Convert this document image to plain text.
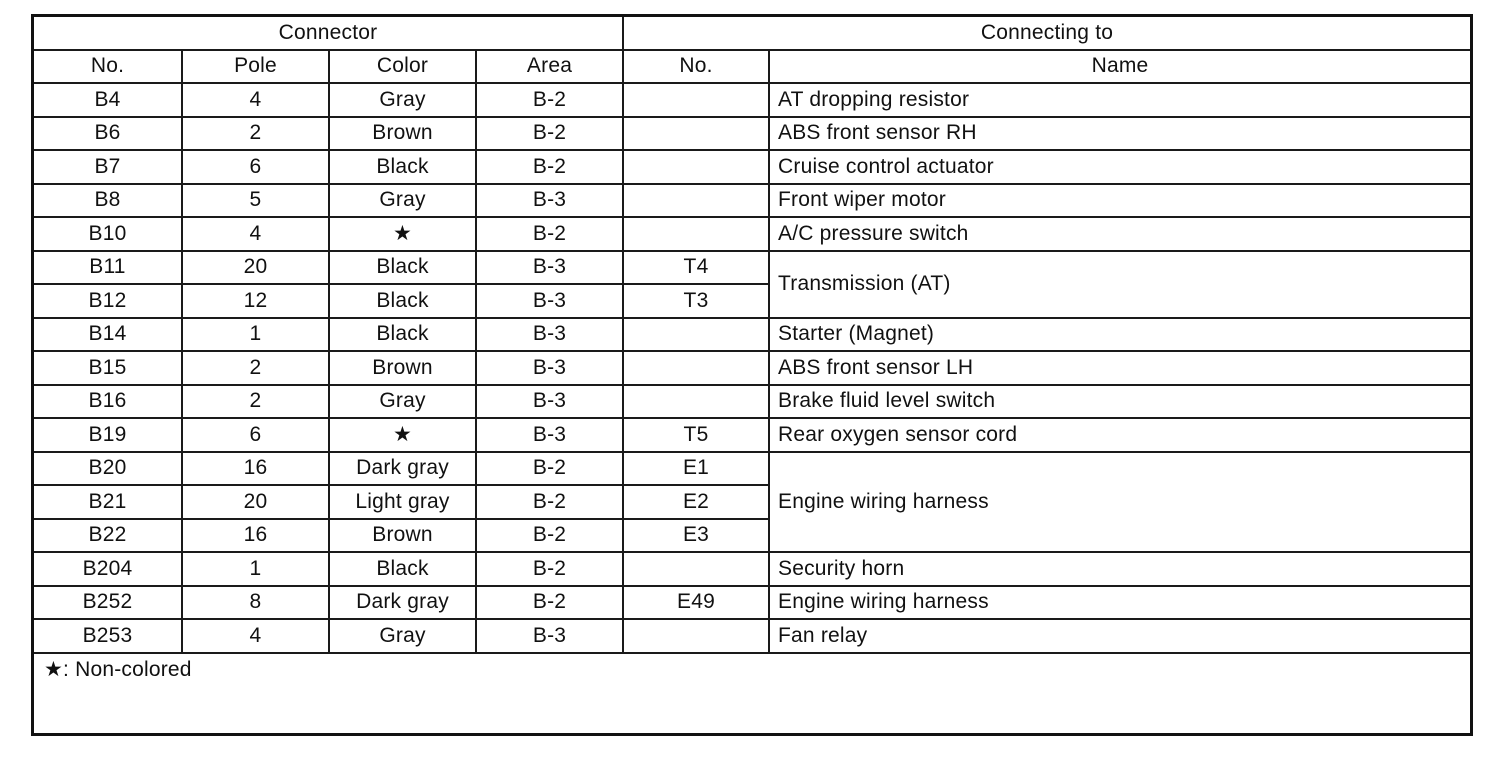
Connector				Connecting to	
No.	Pole	Color	Area	No.	Name
B4	4	Gray	B-2		AT dropping resistor
B6	2	Brown	B-2		ABS front sensor RH
B7	6	Black	B-2		Cruise control actuator
B8	5	Gray	B-3		Front wiper motor
B10	4	★	B-2		A/C pressure switch
B11	20	Black	B-3	T4	Transmission (AT)
B12	12	Black	B-3	T3	
B14	1	Black	B-3		Starter (Magnet)
B15	2	Brown	B-3		ABS front sensor LH
B16	2	Gray	B-3		Brake fluid level switch
B19	6	★	B-3	T5	Rear oxygen sensor cord
B20	16	Dark gray	B-2	E1	Engine wiring harness
B21	20	Light gray	B-2	E2	
B22	16	Brown	B-2	E3	
B204	1	Black	B-2		Security horn
B252	8	Dark gray	B-2	E49	Engine wiring harness
B253	4	Gray	B-3		Fan relay
★: Non-colored					
